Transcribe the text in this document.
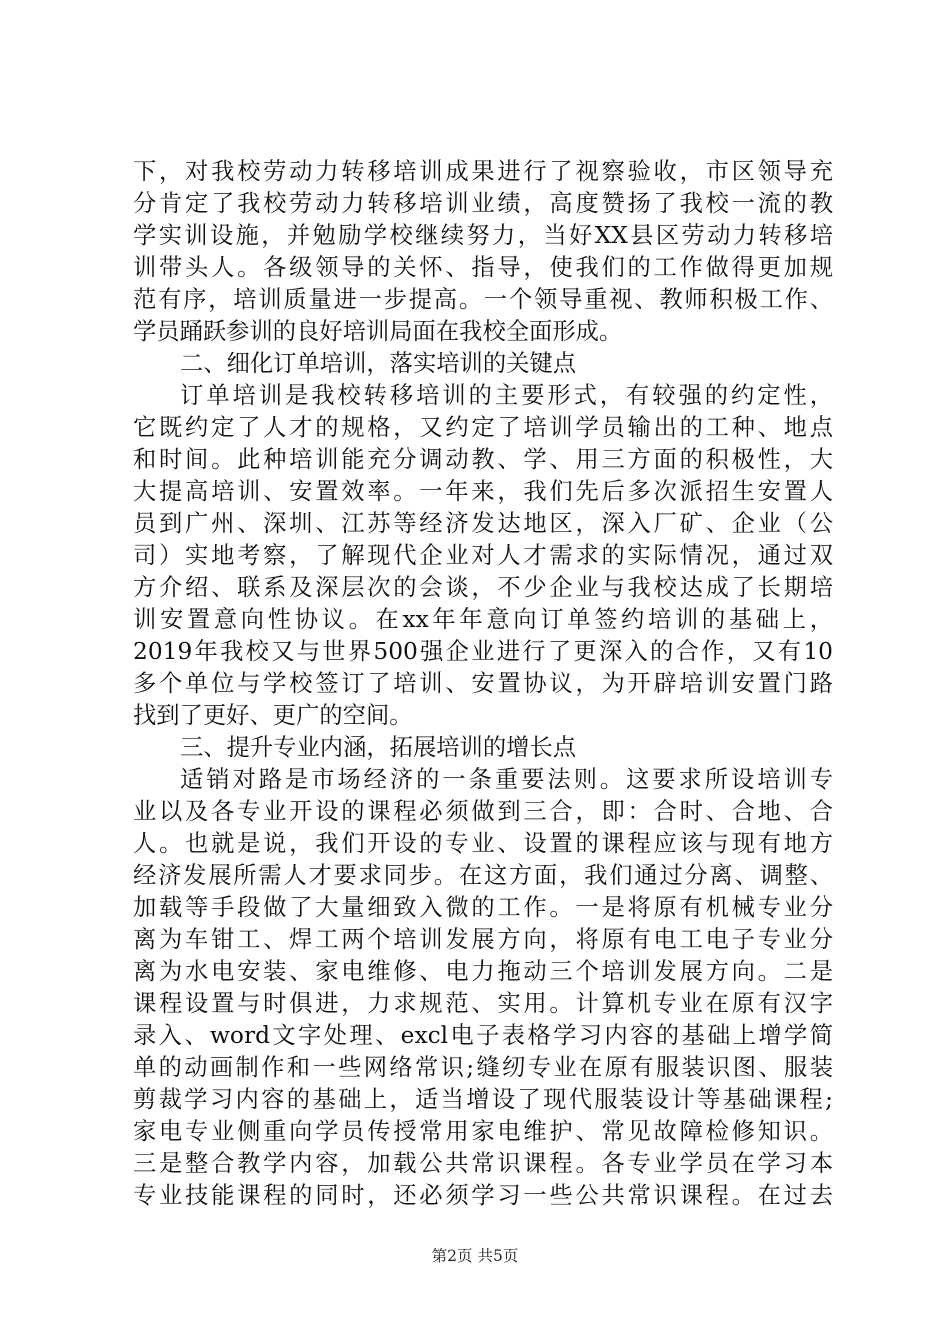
下，对我校劳动力转移培训成果进行了视察验收，市区领导充
分肯定了我校劳动力转移培训业绩，高度赞扬了我校一流的教
学实训设施，并勉励学校继续努力，当好XX县区劳动力转移培
训带头人。各级领导的关怀、指导，使我们的工作做得更加规
范有序，培训质量进一步提高。一个领导重视、教师积极工作、
学员踊跃参训的良好培训局面在我校全面形成。
二、细化订单培训，落实培训的关键点
订单培训是我校转移培训的主要形式，有较强的约定性，
它既约定了人才的规格，又约定了培训学员输出的工种、地点
和时间。此种培训能充分调动教、学、用三方面的积极性，大
大提高培训、安置效率。一年来，我们先后多次派招生安置人
员到广州、深圳、江苏等经济发达地区，深入厂矿、企业（公
司）实地考察，了解现代企业对人才需求的实际情况，通过双
方介绍、联系及深层次的会谈，不少企业与我校达成了长期培
训安置意向性协议。在xx年年意向订单签约培训的基础上，
2019年我校又与世界500强企业进行了更深入的合作，又有10
多个单位与学校签订了培训、安置协议，为开辟培训安置门路
找到了更好、更广的空间。
三、提升专业内涵，拓展培训的增长点
适销对路是市场经济的一条重要法则。这要求所设培训专
业以及各专业开设的课程必须做到三合，即：合时、合地、合
人。也就是说，我们开设的专业、设置的课程应该与现有地方
经济发展所需人才要求同步。在这方面，我们通过分离、调整、
加载等手段做了大量细致入微的工作。一是将原有机械专业分
离为车钳工、焊工两个培训发展方向，将原有电工电子专业分
离为水电安装、家电维修、电力拖动三个培训发展方向。二是
课程设置与时俱进，力求规范、实用。计算机专业在原有汉字
录入、word文字处理、excl电子表格学习内容的基础上增学简
单的动画制作和一些网络常识;缝纫专业在原有服装识图、服装
剪裁学习内容的基础上，适当增设了现代服装设计等基础课程;
家电专业侧重向学员传授常用家电维护、常见故障检修知识。
三是整合教学内容，加载公共常识课程。各专业学员在学习本
专业技能课程的同时，还必须学习一些公共常识课程。在过去
第2页 共5页
